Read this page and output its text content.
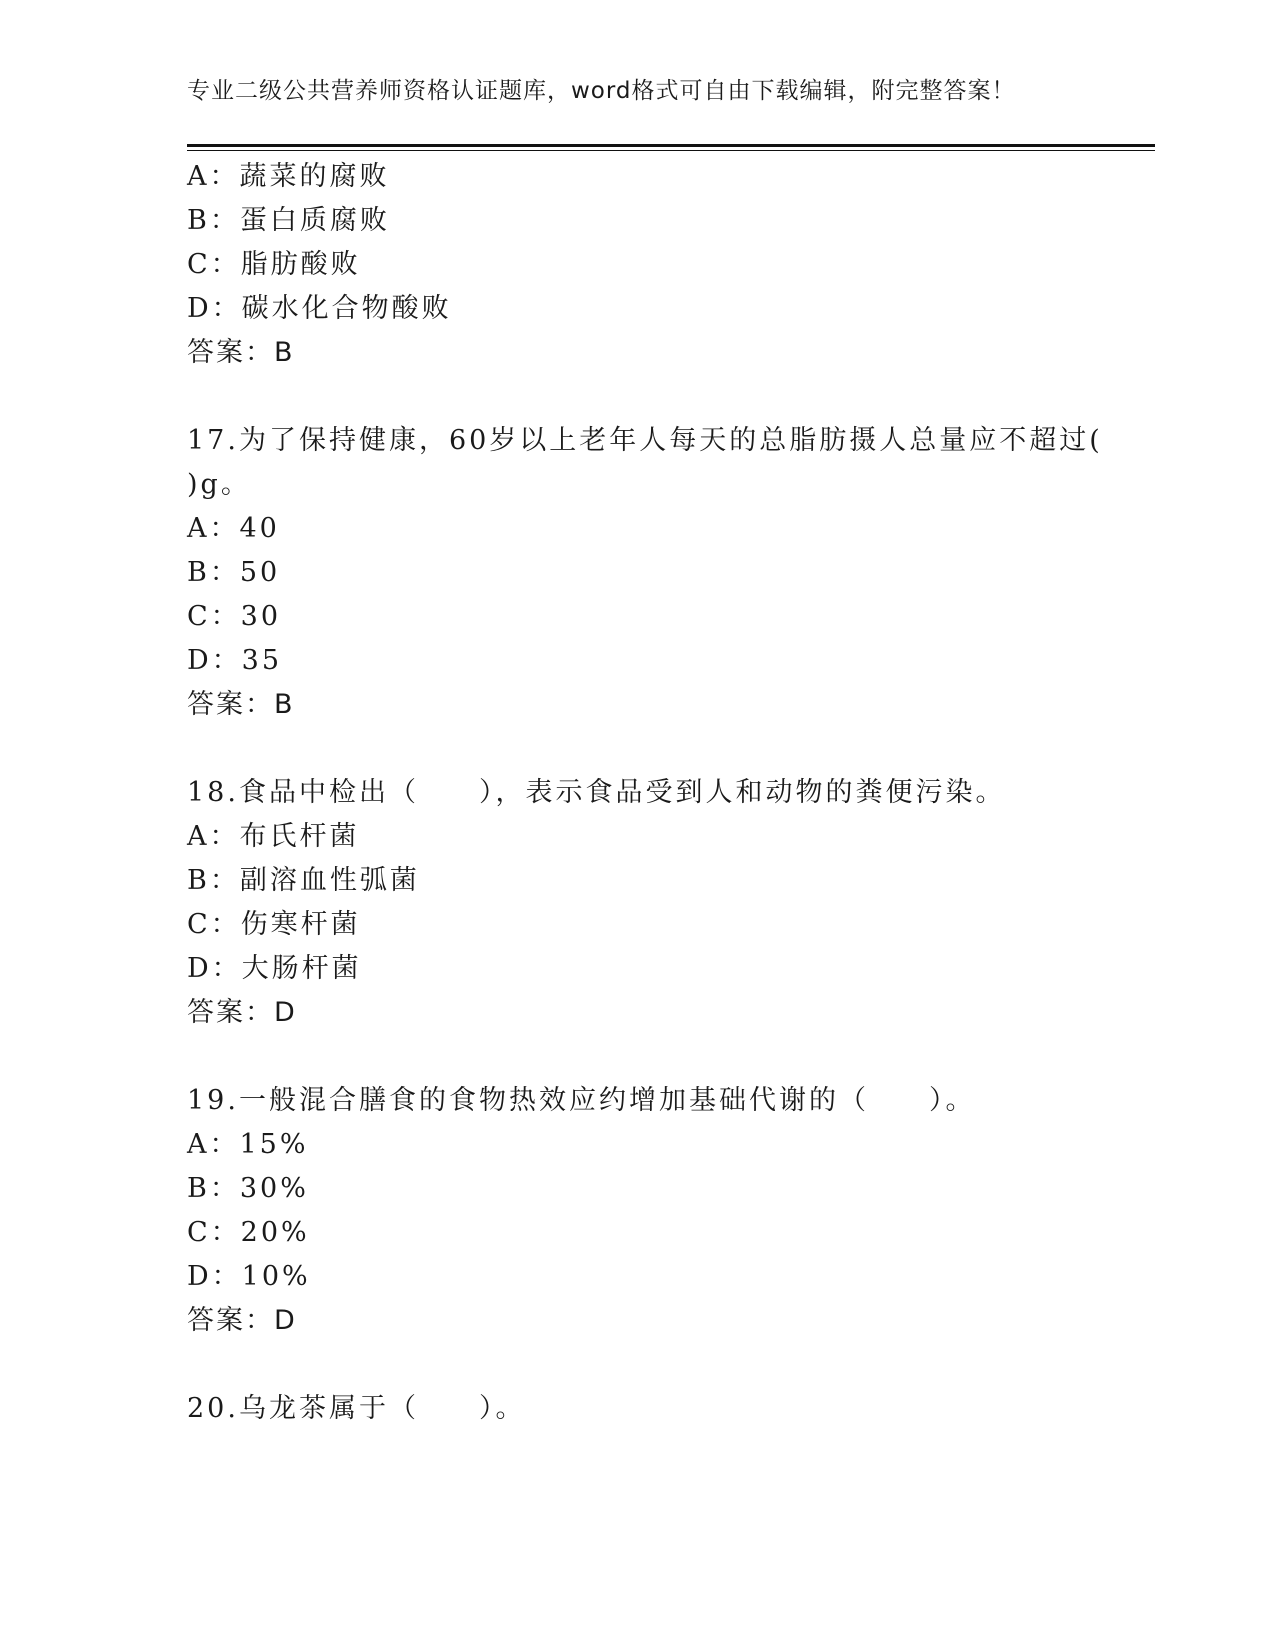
专业二级公共营养师资格认证题库，word格式可自由下载编辑，附完整答案！
A：蔬菜的腐败
B：蛋白质腐败
C：脂肪酸败
D：碳水化合物酸败
答案：B
17.为了保持健康，60岁以上老年人每天的总脂肪摄人总量应不超过(
)g。
A：40
B：50
C：30
D：35
答案：B
18.食品中检出（　　），表示食品受到人和动物的粪便污染。
A：布氏杆菌
B：副溶血性弧菌
C：伤寒杆菌
D：大肠杆菌
答案：D
19.一般混合膳食的食物热效应约增加基础代谢的（　　）。
A：15%
B：30%
C：20%
D：10%
答案：D
20.乌龙茶属于（　　）。
